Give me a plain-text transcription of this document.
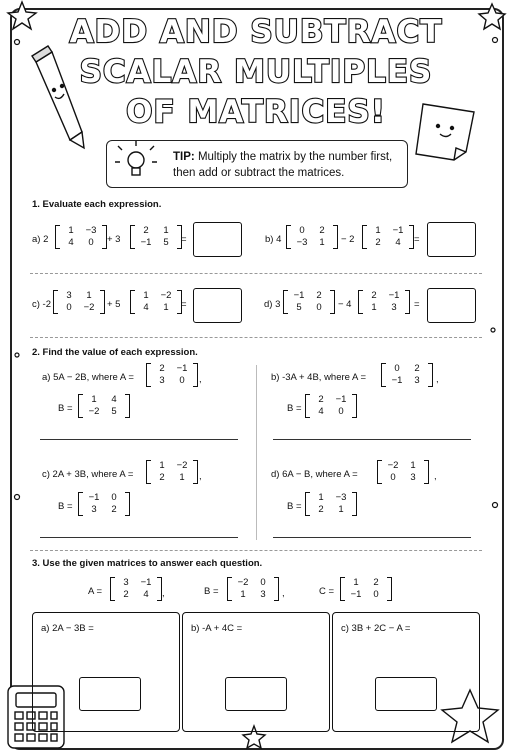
ADD AND SUBTRACT
SCALAR MULTIPLES
OF MATRICES!
TIP: Multiply the matrix by the number first, then add or subtract the matrices.
1. Evaluate each expression.
a) 2
1	−3
4	0 + 3
2	1
−1	5 =	b) 4
0	2
−3	1 − 2
1	−1
2	4 =
c) -2
3	1
0	−2 + 5
1	−2
4	1 =	d) 3
−1	2
5	0 − 4
2	−1
1	3 =
2. Find the value of each expression.
a) 5A − 2B, where A =
2	−1
3	0 ,
B =
1	4
−2	5
b) -3A + 4B, where A =
0	2
−1	3 ,
B =
2	−1
4	0
c) 2A + 3B, where A =
1	−2
2	1 ,
B =
−1	0
3	2
d) 6A − B, where A =
−2	1
0	3 ,
B =
1	−3
2	1
3. Use the given matrices to answer each question.
A =
3	−1
2	4 ,	B =
−2	0
1	3 ,	C =
1	2
−1	0
a) 2A − 3B =	b) -A + 4C =	c) 3B + 2C − A =
